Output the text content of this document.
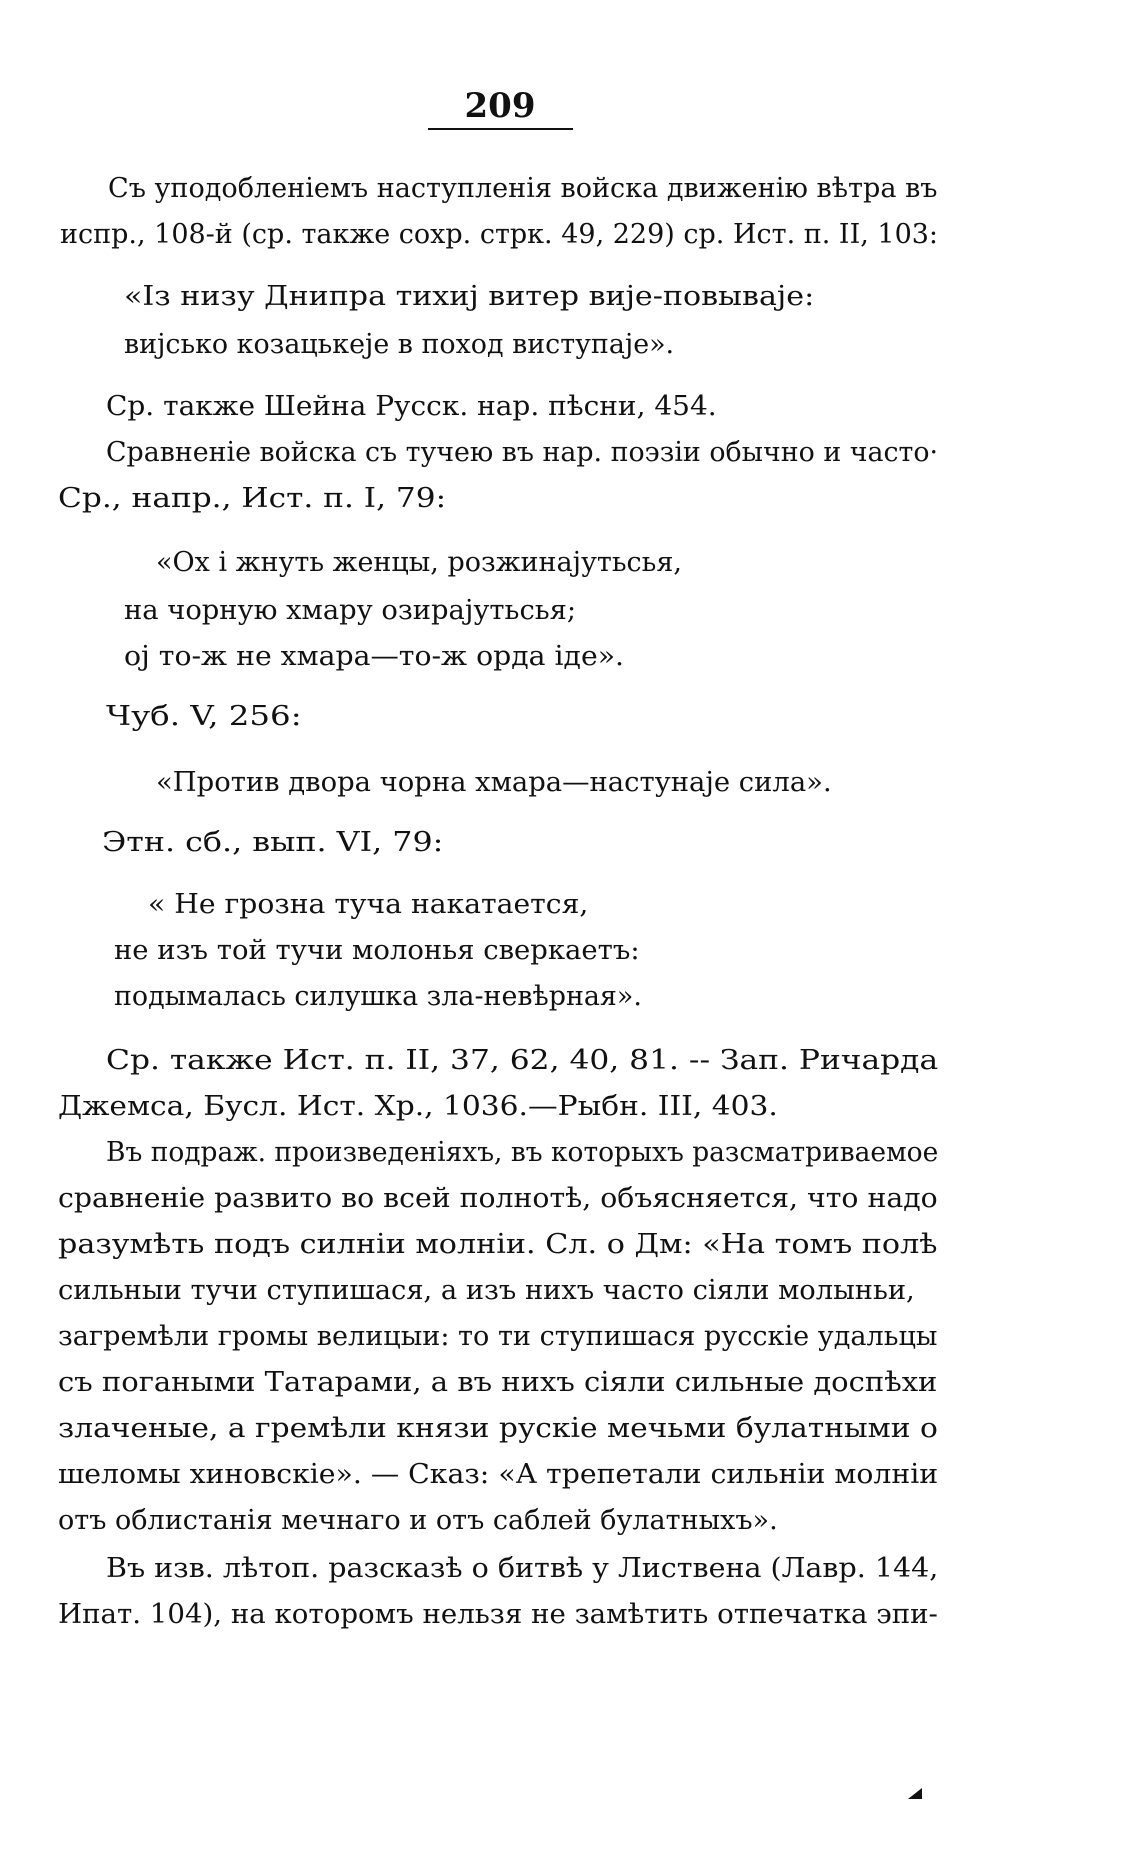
209
Съ уподобленіемъ наступленія войска движенію вѣтра въ
испр., 108-й (ср. также сохр. стрк. 49, 229) ср. Ист. п. II, 103:
«Із низу Днипра тихиј витер вије-повываје:
вијсько козацькеје в поход виступаје».
Ср. также Шейна Русск. нар. пѣсни, 454.
Сравненіе войска съ тучею въ нар. поэзіи обычно и часто·
Ср., напр., Ист. п. I, 79:
«Ох і жнуть женцы, розжинајутьсья,
на чорную хмару озирајутьсья;
ој то-ж не хмара—то-ж орда іде».
Чуб. V, 256:
«Против двора чорна хмара—настунаје сила».
Этн. сб., вып. VI, 79:
« Не грозна туча накатается,
не изъ той тучи молонья сверкаетъ:
подымалась силушка зла-невѣрная».
Ср. также Ист. п. II, 37, 62, 40, 81. -- Зап. Ричарда
Джемса, Бусл. Ист. Хр., 1036.—Рыбн. III, 403.
Въ подраж. произведеніяхъ, въ которыхъ разсматриваемое
сравненіе развито во всей полнотѣ, объясняется, что надо
разумѣть подъ силніи молніи. Сл. о Дм: «На томъ полѣ
сильныи тучи ступишася, а изъ нихъ часто сіяли молыньи,
загремѣли громы велицыи: то ти ступишася русскіе удальцы
съ погаными Татарами, а въ нихъ сіяли сильные доспѣхи
злаченые, а гремѣли князи рускіе мечьми булатными о
шеломы хиновскіе». — Сказ: «А трепетали сильніи молніи
отъ облистанія мечнаго и отъ саблей булатныхъ».
Въ изв. лѣтоп. разсказѣ о битвѣ у Листвена (Лавр. 144,
Ипат. 104), на которомъ нельзя не замѣтить отпечатка эпи-
